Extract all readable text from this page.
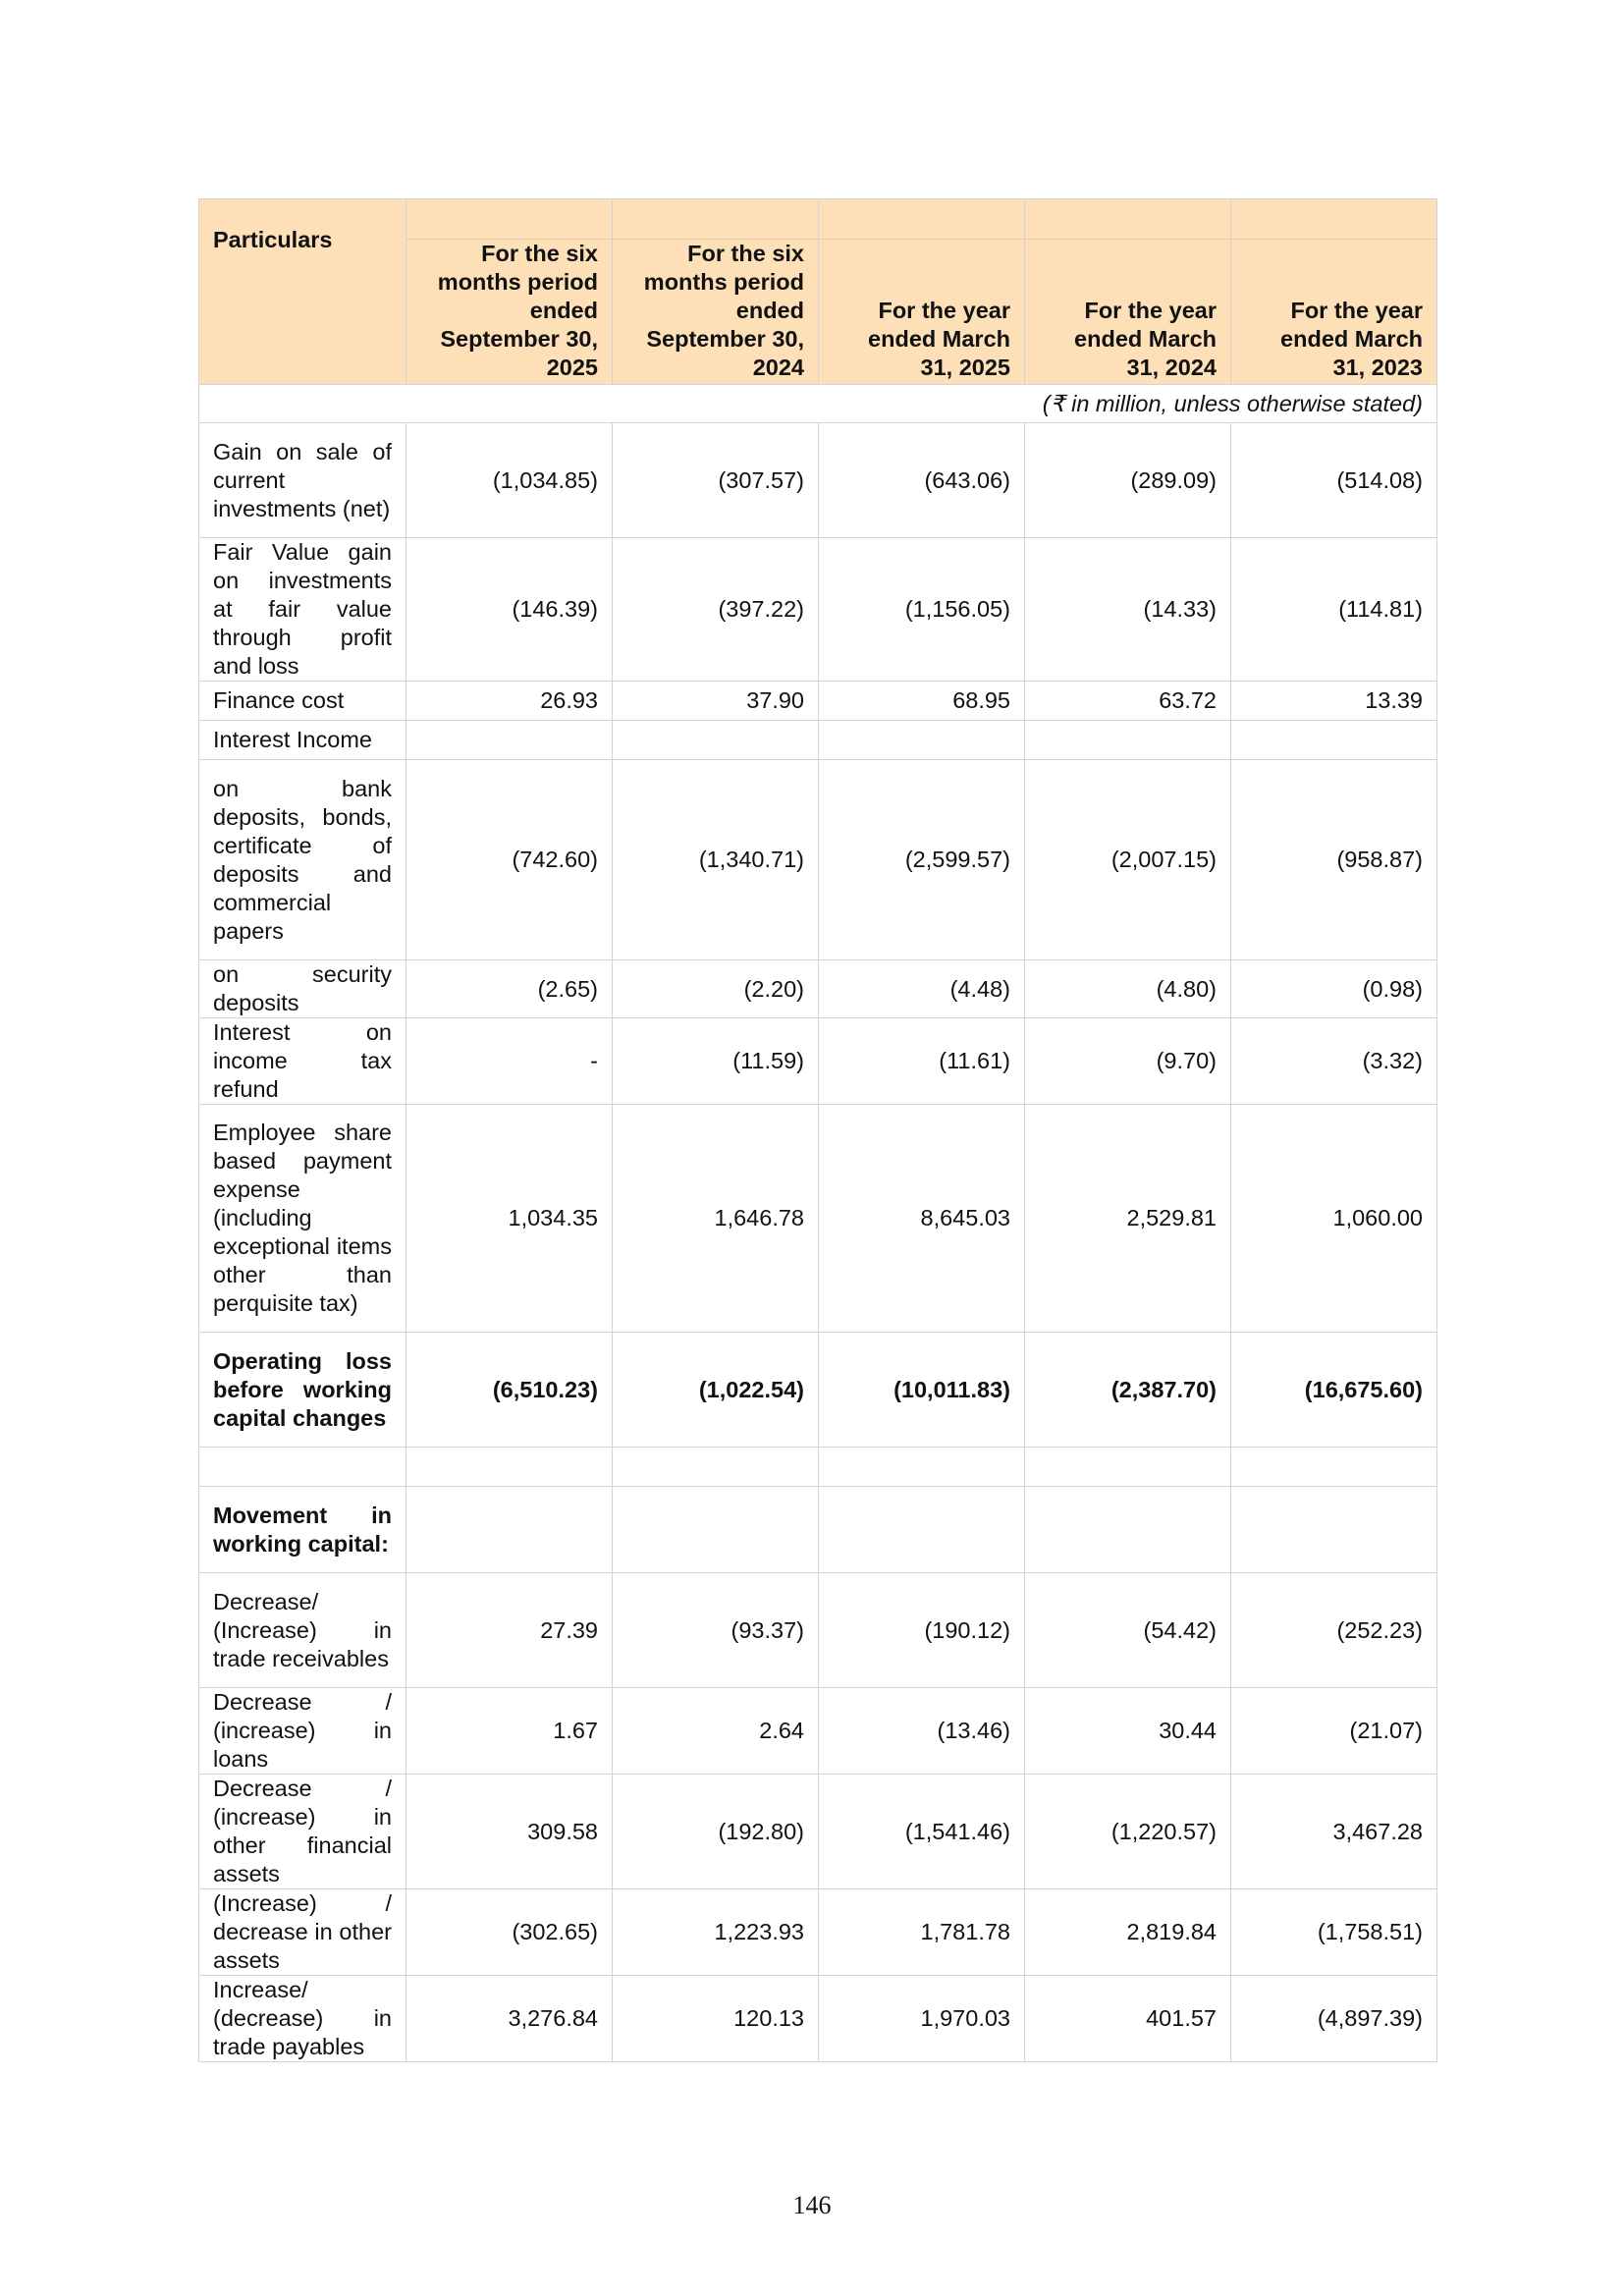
Particulars					
	For the six months period ended September 30, 2025	For the six months period ended September 30, 2024	For the year ended March 31, 2025	For the year ended March 31, 2024	For the year ended March 31, 2023
(₹ in million, unless otherwise stated)					
Gain on sale of current investments (net)	(1,034.85)	(307.57)	(643.06)	(289.09)	(514.08)
Fair Value gain on investments at fair value through profit and loss	(146.39)	(397.22)	(1,156.05)	(14.33)	(114.81)
Finance cost	26.93	37.90	68.95	63.72	13.39
Interest Income					
on bank deposits, bonds, certificate of deposits and commercial papers	(742.60)	(1,340.71)	(2,599.57)	(2,007.15)	(958.87)
on security deposits	(2.65)	(2.20)	(4.48)	(4.80)	(0.98)
Interest on income tax refund	-	(11.59)	(11.61)	(9.70)	(3.32)
Employee share based payment expense (including exceptional items other than perquisite tax)	1,034.35	1,646.78	8,645.03	2,529.81	1,060.00
Operating loss before working capital changes	(6,510.23)	(1,022.54)	(10,011.83)	(2,387.70)	(16,675.60)

Movement in working capital:					
Decrease/ (Increase) in trade receivables	27.39	(93.37)	(190.12)	(54.42)	(252.23)
Decrease / (increase) in loans	1.67	2.64	(13.46)	30.44	(21.07)
Decrease / (increase) in other financial assets	309.58	(192.80)	(1,541.46)	(1,220.57)	3,467.28
(Increase) / decrease in other assets	(302.65)	1,223.93	1,781.78	2,819.84	(1,758.51)
Increase/ (decrease) in trade payables	3,276.84	120.13	1,970.03	401.57	(4,897.39)
146
